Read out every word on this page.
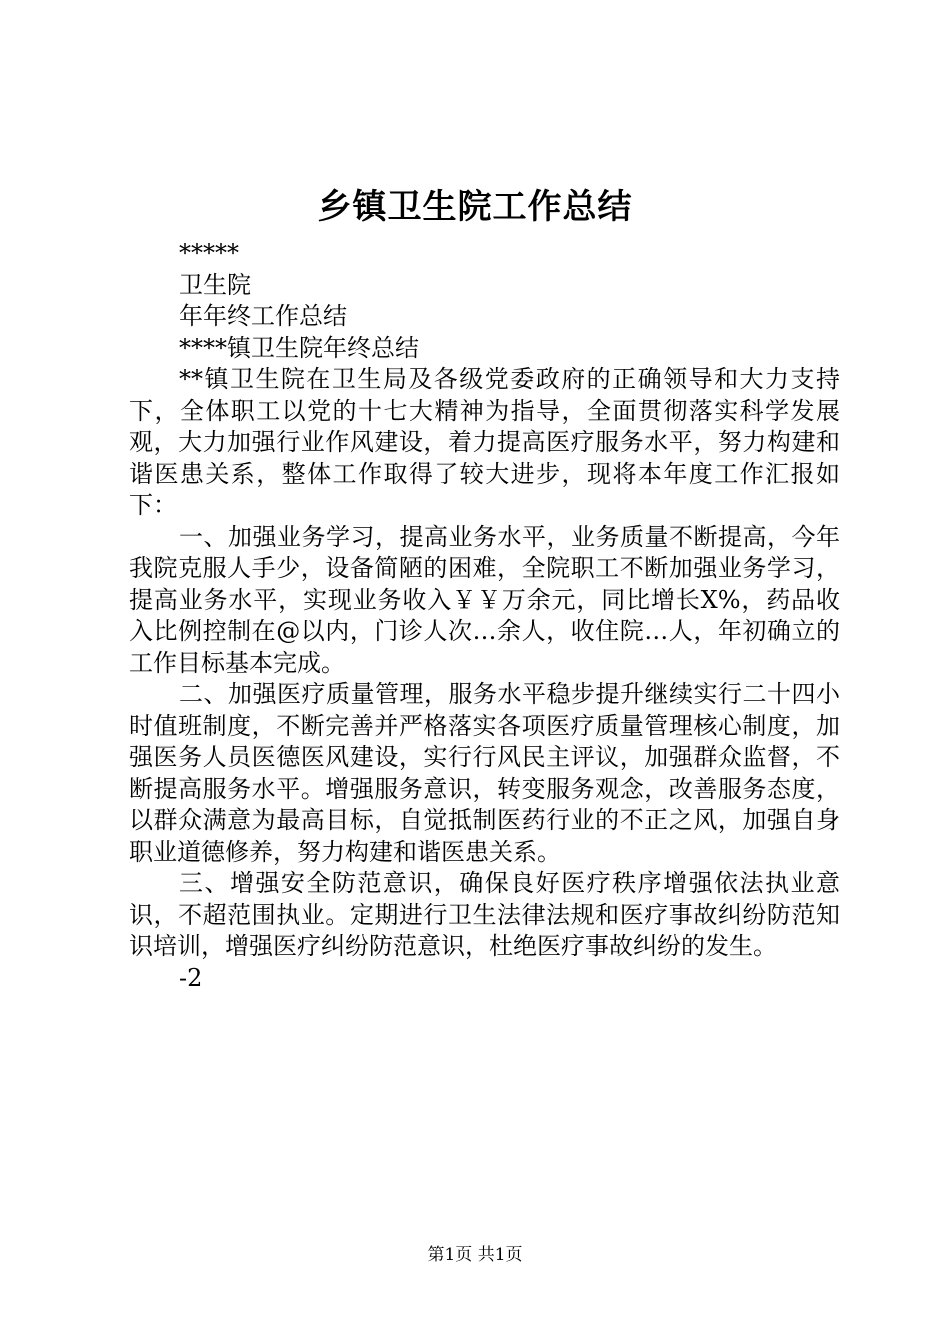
乡镇卫生院工作总结

*****

卫生院

年年终工作总结

****镇卫生院年终总结

**镇卫生院在卫生局及各级党委政府的正确领导和大力支持下，全体职工以党的十七大精神为指导，全面贯彻落实科学发展观，大力加强行业作风建设，着力提高医疗服务水平，努力构建和谐医患关系，整体工作取得了较大进步，现将本年度工作汇报如下：

一、加强业务学习，提高业务水平，业务质量不断提高，今年我院克服人手少，设备简陋的困难，全院职工不断加强业务学习，提高业务水平，实现业务收入￥￥万余元，同比增长X%，药品收入比例控制在@以内，门诊人次…余人，收住院…人，年初确立的工作目标基本完成。

二、加强医疗质量管理，服务水平稳步提升继续实行二十四小时值班制度，不断完善并严格落实各项医疗质量管理核心制度，加强医务人员医德医风建设，实行行风民主评议，加强群众监督，不断提高服务水平。增强服务意识，转变服务观念，改善服务态度，以群众满意为最高目标，自觉抵制医药行业的不正之风，加强自身职业道德修养，努力构建和谐医患关系。

三、增强安全防范意识，确保良好医疗秩序增强依法执业意识，不超范围执业。定期进行卫生法律法规和医疗事故纠纷防范知识培训，增强医疗纠纷防范意识，杜绝医疗事故纠纷的发生。

-2

第1页 共1页
